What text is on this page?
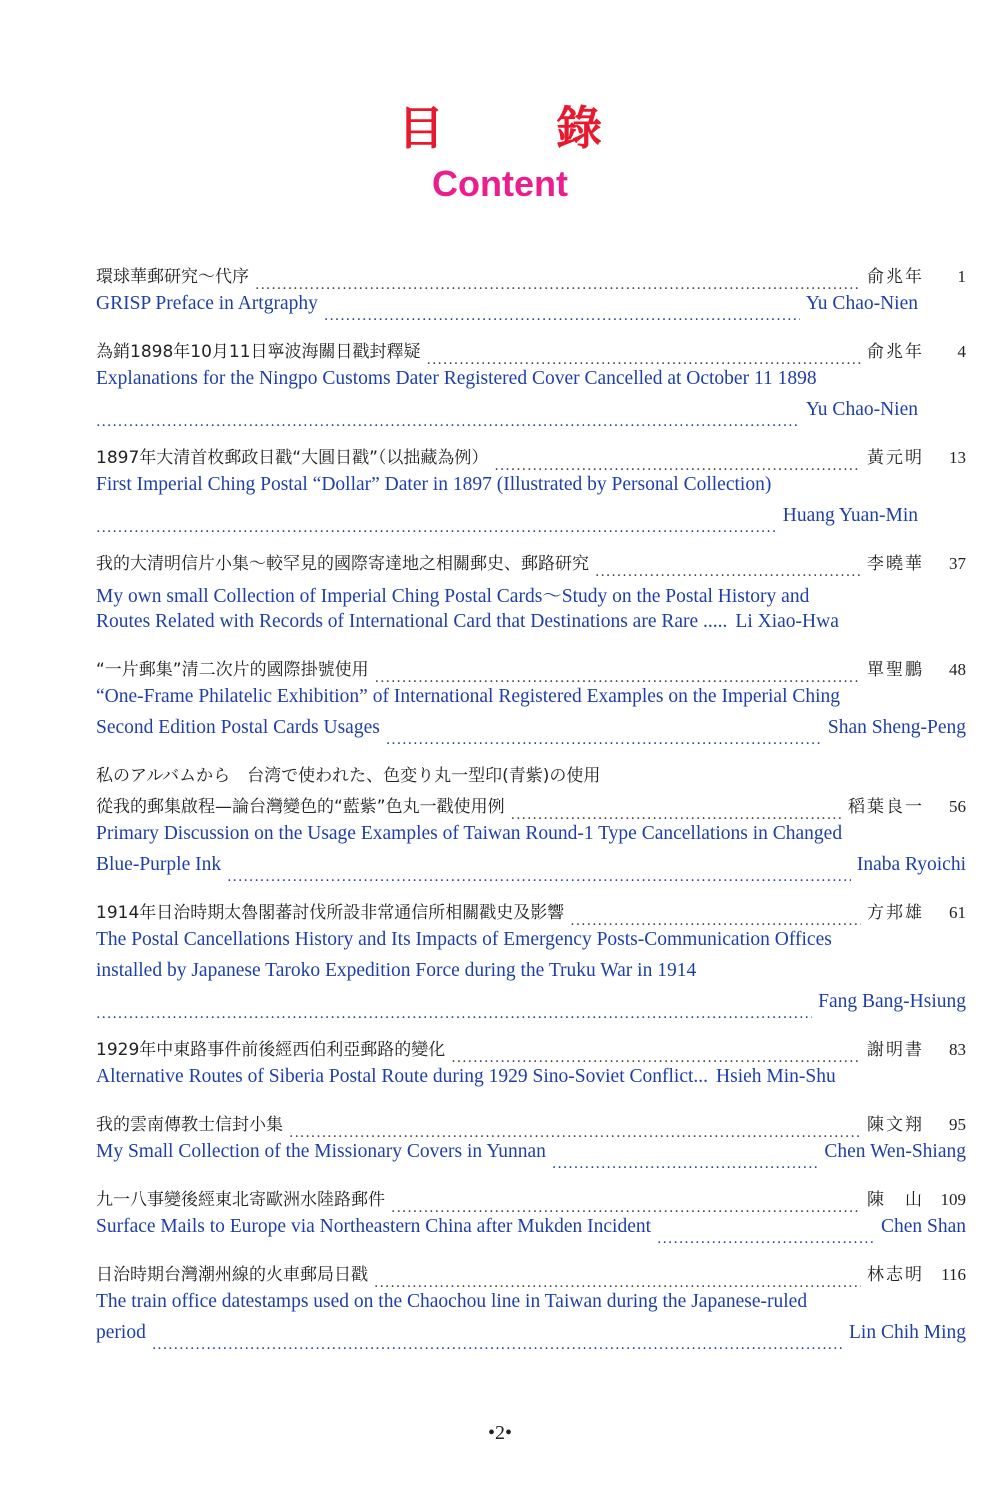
目 錄
Content
環球華郵研究～代序 .....	俞兆年	1
GRISP Preface in Artgraphy
.....	Yu Chao-Nien
為銷1898年10月11日寧波海關日戳封釋疑 .....	俞兆年	4
Explanations for the Ningpo Customs Dater Registered Cover Cancelled at October 11 1898
.....
Yu Chao-Nien
1897年大清首枚郵政日戳“大圓日戳”（以拙藏為例） .....	黃元明	13
First Imperial Ching Postal “Dollar” Dater in 1897 (Illustrated by Personal Collection)
.....
Huang Yuan-Min
我的大清明信片小集～較罕見的國際寄達地之相關郵史、郵路研究 .....	李曉華	37
My own small Collection of Imperial Ching Postal Cards～Study on the Postal History and
Routes Related with Records of International Card that Destinations are Rare ..... Li Xiao-Hwa
“一片郵集”清二次片的國際掛號使用 .....	單聖鵬	48
“One-Frame Philatelic Exhibition” of International Registered Examples on the Imperial Ching
Second Edition Postal Cards Usages
.....	Shan Sheng-Peng
私のアルバムから　台湾で使われた、色変り丸一型印(青紫)の使用
從我的郵集啟程—論台灣變色的“藍紫”色丸一戳使用例 .....	稻葉良一	56
Primary Discussion on the Usage Examples of Taiwan Round-1 Type Cancellations in Changed
Blue-Purple Ink
.....	Inaba Ryoichi
1914年日治時期太魯閣蕃討伐所設非常通信所相關戳史及影響 .....	方邦雄	61
The Postal Cancellations History and Its Impacts of Emergency Posts-Communication Offices
installed by Japanese Taroko Expedition Force during the Truku War in 1914
.....
Fang Bang-Hsiung
1929年中東路事件前後經西伯利亞郵路的變化 .....	謝明書	83
Alternative Routes of Siberia Postal Route during 1929 Sino-Soviet Conflict... Hsieh Min-Shu
我的雲南傳教士信封小集 .....	陳文翔	95
My Small Collection of the Missionary Covers in Yunnan
.....	Chen Wen-Shiang
九一八事變後經東北寄歐洲水陸路郵件 .....	陳　山 109
Surface Mails to Europe via Northeastern China after Mukden Incident
.....	Chen Shan
日治時期台灣潮州線的火車郵局日戳 .....	林志明	116
The train office datestamps used on the Chaochou line in Taiwan during the Japanese-ruled
period
.....	Lin Chih Ming
•2•
